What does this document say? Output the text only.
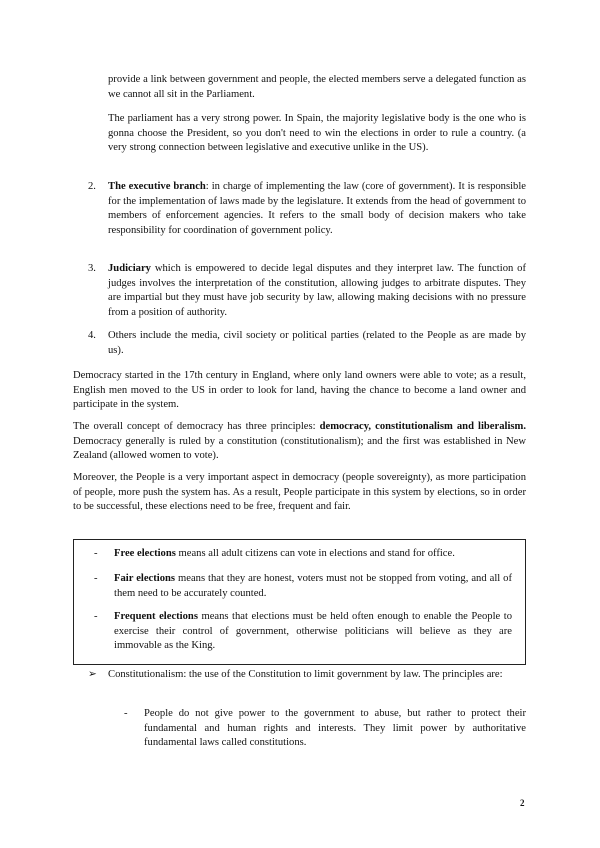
provide a link between government and people, the elected members serve a delegated function as we cannot all sit in the Parliament.

The parliament has a very strong power. In Spain, the majority legislative body is the one who is gonna choose the President, so you don't need to win the elections in order to rule a country. (a very strong connection between legislative and executive unlike in the US).

2. The executive branch: in charge of implementing the law (core of government). It is responsible for the implementation of laws made by the legislature. It extends from the head of government to members of enforcement agencies. It refers to the small body of decision makers who take responsibility for coordination of government policy.

3. Judiciary which is empowered to decide legal disputes and they interpret law. The function of judges involves the interpretation of the constitution, allowing judges to arbitrate disputes. They are impartial but they must have job security by law, allowing making decisions with no pressure from a position of authority.

4. Others include the media, civil society or political parties (related to the People as are made by us).

Democracy started in the 17th century in England, where only land owners were able to vote; as a result, English men moved to the US in order to look for land, having the chance to become a land owner and participate in the system.

The overall concept of democracy has three principles: democracy, constitutionalism and liberalism. Democracy generally is ruled by a constitution (constitutionalism); and the first was established in New Zealand (allowed women to vote).

Moreover, the People is a very important aspect in democracy (people sovereignty), as more participation of people, more push the system has. As a result, People participate in this system by elections, so in order to be successful, these elections need to be free, frequent and fair.

- Free elections means all adult citizens can vote in elections and stand for office.

- Fair elections means that they are honest, voters must not be stopped from voting, and all of them need to be accurately counted.

- Frequent elections means that elections must be held often enough to enable the People to exercise their control of government, otherwise politicians will believe as they are immovable as the King.

➢ Constitutionalism: the use of the Constitution to limit government by law. The principles are:

- People do not give power to the government to abuse, but rather to protect their fundamental and human rights and interests. They limit power by authoritative fundamental laws called constitutions.

2
